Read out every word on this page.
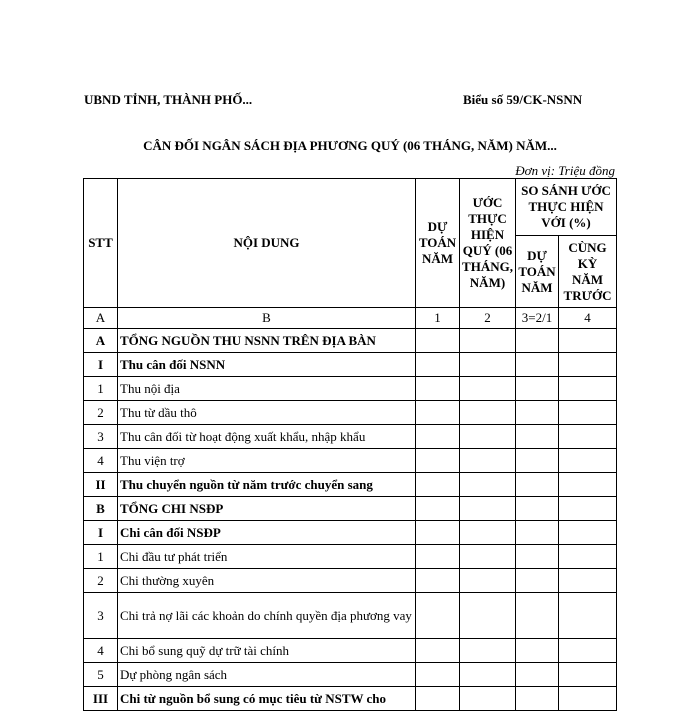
UBND TỈNH, THÀNH PHỐ...	Biểu số 59/CK-NSNN
CÂN ĐỐI NGÂN SÁCH ĐỊA PHƯƠNG QUÝ (06 THÁNG, NĂM) NĂM...
Đơn vị: Triệu đồng
STT	NỘI DUNG	DỰ TOÁN NĂM	ƯỚC THỰC HIỆN QUÝ (06 THÁNG, NĂM)	SO SÁNH ƯỚC THỰC HIỆN VỚI (%)	
				DỰ TOÁN NĂM	CÙNG KỲ NĂM TRƯỚC
A	B	1	2	3=2/1	4
A	TỔNG NGUỒN THU NSNN TRÊN ĐỊA BÀN				
I	Thu cân đối NSNN				
1	Thu nội địa				
2	Thu từ dầu thô				
3	Thu cân đối từ hoạt động xuất khẩu, nhập khẩu				
4	Thu viện trợ				
II	Thu chuyển nguồn từ năm trước chuyển sang				
B	TỔNG CHI NSĐP				
I	Chi cân đối NSĐP				
1	Chi đầu tư phát triển				
2	Chi thường xuyên				
3	Chi trả nợ lãi các khoản do chính quyền địa phương vay				
4	Chi bổ sung quỹ dự trữ tài chính				
5	Dự phòng ngân sách				
III	Chi từ nguồn bổ sung có mục tiêu từ NSTW cho				
